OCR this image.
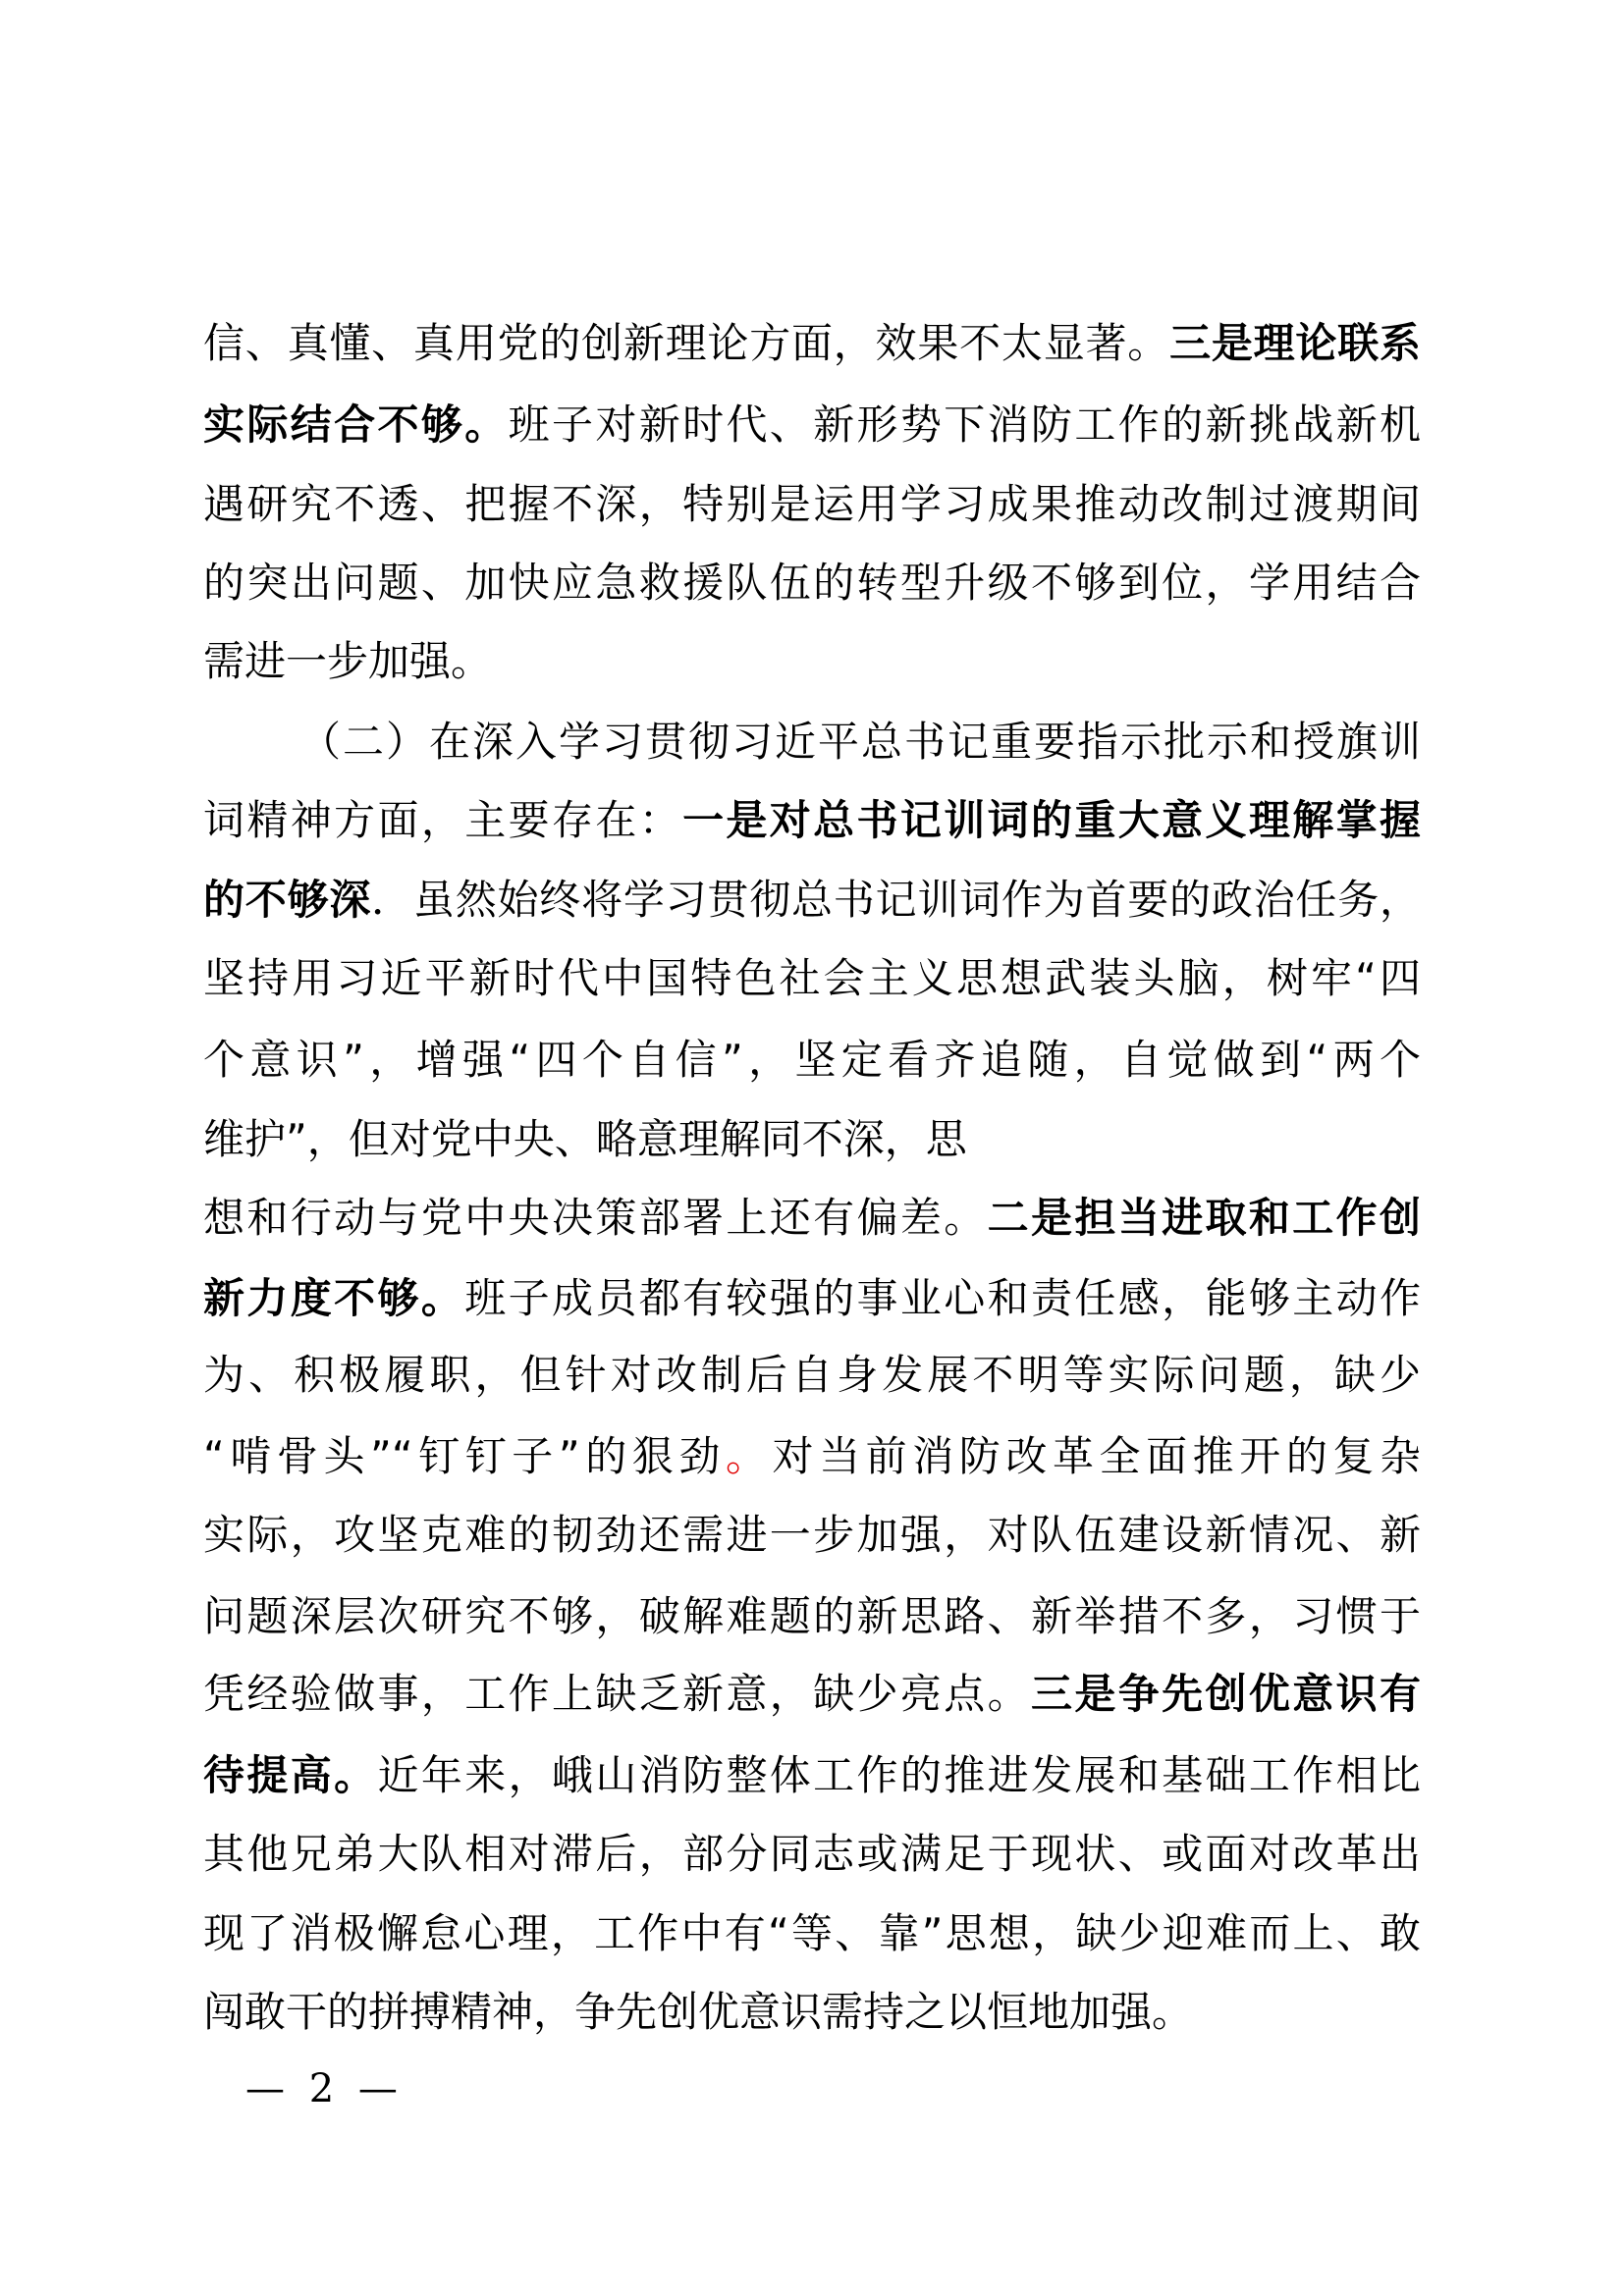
信、真懂、真用党的创新理论方面，效果不太显著。三是理论联系
实际结合不够。班子对新时代、新形势下消防工作的新挑战新机
遇研究不透、把握不深，特别是运用学习成果推动改制过渡期间
的突出问题、加快应急救援队伍的转型升级不够到位，学用结合
需进一步加强。
（二）在深入学习贯彻习近平总书记重要指示批示和授旗训
词精神方面，主要存在：一是对总书记训词的重大意义理解掌握
的不够深．虽然始终将学习贯彻总书记训词作为首要的政治任务，
坚持用习近平新时代中国特色社会主义思想武装头脑，树牢“四
个意识”，增强“四个自信”，坚定看齐追随，自觉做到“两个
维护”，但对党中央、略意理解同不深，思
想和行动与党中央决策部署上还有偏差。二是担当进取和工作创
新力度不够。班子成员都有较强的事业心和责任感，能够主动作
为、积极履职，但针对改制后自身发展不明等实际问题，缺少
“啃骨头”“钉钉子”的狠劲。对当前消防改革全面推开的复杂
实际，攻坚克难的韧劲还需进一步加强，对队伍建设新情况、新
问题深层次研究不够，破解难题的新思路、新举措不多，习惯于
凭经验做事，工作上缺乏新意，缺少亮点。三是争先创优意识有
待提高。近年来，峨山消防整体工作的推进发展和基础工作相比
其他兄弟大队相对滞后，部分同志或满足于现状、或面对改革出
现了消极懈怠心理，工作中有“等、靠”思想，缺少迎难而上、敢
闯敢干的拼搏精神，争先创优意识需持之以恒地加强。
— 2 —
